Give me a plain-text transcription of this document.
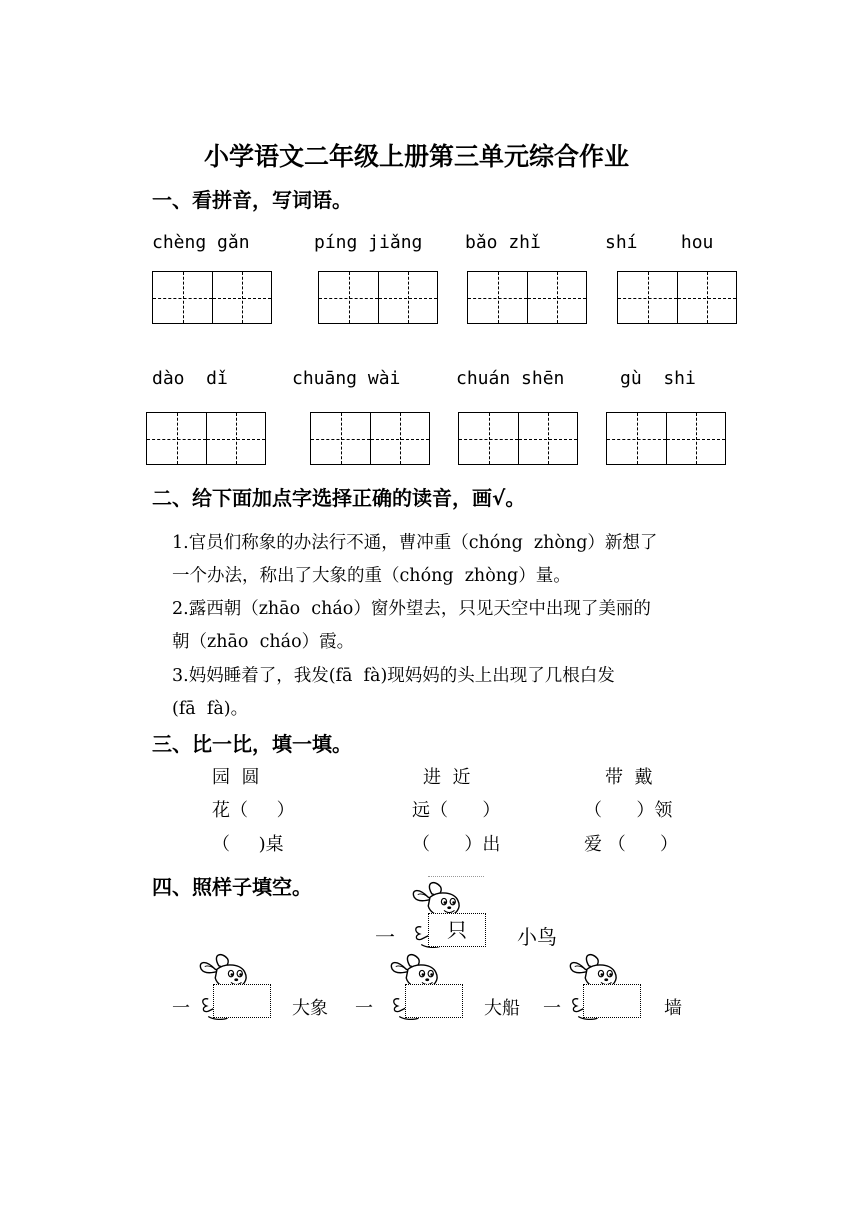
小学语文二年级上册第三单元综合作业
一、看拼音，写词语。
chèng gǎn	píng jiǎng bǎo zhǐ	shí    hou
dào  dǐ	chuāng wài	chuán shēn	gù  shi
二、给下面加点字选择正确的读音，画√。
1.官员们称象的办法行不通，曹冲重（chóng  zhòng）新想了
一个办法，称出了大象的重（chóng  zhòng）量。
2.露西朝（zhāo  cháo）窗外望去，只见天空中出现了美丽的
朝（zhāo  cháo）霞。
3.妈妈睡着了，我发(fā  fà)现妈妈的头上出现了几根白发
(fā  fà)。
三、比一比，填一填。
园  圆	进  近	带  戴
花（     ）	远（      ）	（      ）领
（     )桌	（      ）出	爱 （      ）
四、照样子填空。
一	只	小鸟
一	大象 一	大船 一	墙
